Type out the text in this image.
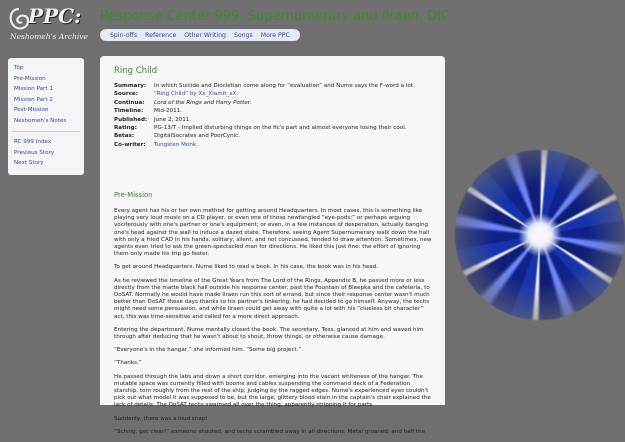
PPC:
Neshomeh's Archive
Response Center 999: Supernumerary and Ilraen, DIC
Spin-offs Reference Other Writing Songs More PPC
Top
Pre-Mission
Mission Part 1
Mission Part 2
Post-Mission
Neshomeh's Notes
RC 999 Index
Previous Story
Next Story
Ring Child
Summary:	In which Suicide and Diocletian come along for “evaluation” and Nume says the F-word a lot.
Source:	“Ring Child” by Xx_Xiamit_xX.
Continua:	Lord of the Rings and Harry Potter.
Timeline:	Mid-2011.
Published:	June 2, 2011.
Rating:	PG-13/T - Implied disturbing things on the fic's part and almost everyone losing their cool.
Betas:	DigitalSocrates and PoorCynic.
Co-writer:	Tungsten Monk.
Pre-Mission

Every agent has his or her own method for getting around Headquarters. In most cases, this is something like playing very loud music on a CD player, or even one of those newfangled “eye-pods;” or perhaps arguing vociferously with one's partner or one's equipment; or even, in a few instances of desperation, actually banging one's head against the wall to induce a dazed state. Therefore, seeing Agent Supernumerary walk down the hall with only a fried CAD in his hands, solitary, silent, and not concussed, tended to draw attention. Sometimes, new agents even tried to ask the green-spectacled man for directions. He liked this just fine: the effort of ignoring them only made his trip go faster.

To get around Headquarters, Nume liked to read a book. In his case, the book was in his head.

As he reviewed the timeline of the Great Years from The Lord of the Rings, Appendix B, he passed more or less directly from the matte black hall outside his response center, past the Fountain of Bleepka and the cafeteria, to DoSAT. Normally he would have made Ilraen run this sort of errand, but since their response center wasn't much better than DoSAT these days thanks to his partner's tinkering, he had decided to go himself. Anyway, the techs might need some persuasion, and while Ilraen could get away with quite a lot with his “clueless bit character” act, this was time-sensitive and called for a more direct approach.

Entering the department, Nume mentally closed the book. The secretary, Tess, glanced at him and waved him through after deducing that he wasn't about to shout, throw things, or otherwise cause damage.

“Everyone's in the hangar,” she informed him. “Some big project.”

“Thanks.”

He passed through the labs and down a short corridor, emerging into the vacant whiteness of the hangar. The mutable space was currently filled with booms and cables suspending the command deck of a Federation starship, torn roughly from the rest of the ship, judging by the ragged edges. Nume's experienced eyes couldn't pick out what model it was supposed to be, but the large, glittery blood stain in the captain's chair explained the lack of details. The DoSAT techs swarmed all over the thing, apparently stripping it for parts.

Suddenly, there was a loud snap!

“Schnig, get clear!” someone shouted, and techs scrambled away in all directions. Metal groaned, and half the
